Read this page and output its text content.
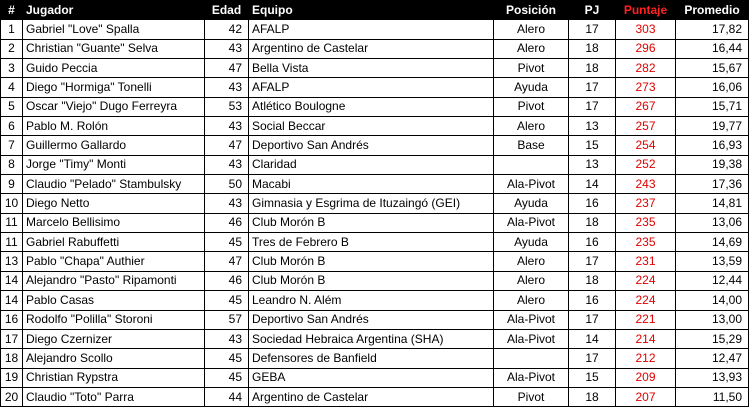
#	Jugador	Edad	Equipo	Posición	PJ	Puntaje	Promedio
1	Gabriel "Love" Spalla	42	AFALP	Alero	17	303	17,82
2	Christian "Guante" Selva	43	Argentino de Castelar	Alero	18	296	16,44
3	Guido Peccia	47	Bella Vista	Pivot	18	282	15,67
4	Diego "Hormiga" Tonelli	43	AFALP	Ayuda	17	273	16,06
5	Oscar "Viejo" Dugo Ferreyra	53	Atlético Boulogne	Pivot	17	267	15,71
6	Pablo M. Rolón	43	Social Beccar	Alero	13	257	19,77
7	Guillermo Gallardo	47	Deportivo San Andrés	Base	15	254	16,93
8	Jorge "Timy" Monti	43	Claridad		13	252	19,38
9	Claudio "Pelado" Stambulsky	50	Macabi	Ala-Pivot	14	243	17,36
10	Diego Netto	43	Gimnasia y Esgrima de Ituzaingó (GEI)	Ayuda	16	237	14,81
11	Marcelo Bellisimo	46	Club Morón B	Ala-Pivot	18	235	13,06
11	Gabriel Rabuffetti	45	Tres de Febrero B	Ayuda	16	235	14,69
13	Pablo "Chapa" Authier	47	Club Morón B	Alero	17	231	13,59
14	Alejandro "Pasto" Ripamonti	46	Club Morón B	Alero	18	224	12,44
14	Pablo Casas	45	Leandro N. Além	Alero	16	224	14,00
16	Rodolfo "Polilla" Storoni	57	Deportivo San Andrés	Ala-Pivot	17	221	13,00
17	Diego Czernizer	43	Sociedad Hebraica Argentina (SHA)	Ala-Pivot	14	214	15,29
18	Alejandro Scollo	45	Defensores de Banfield		17	212	12,47
19	Christian Rypstra	45	GEBA	Ala-Pivot	15	209	13,93
20	Claudio "Toto" Parra	44	Argentino de Castelar	Pivot	18	207	11,50
